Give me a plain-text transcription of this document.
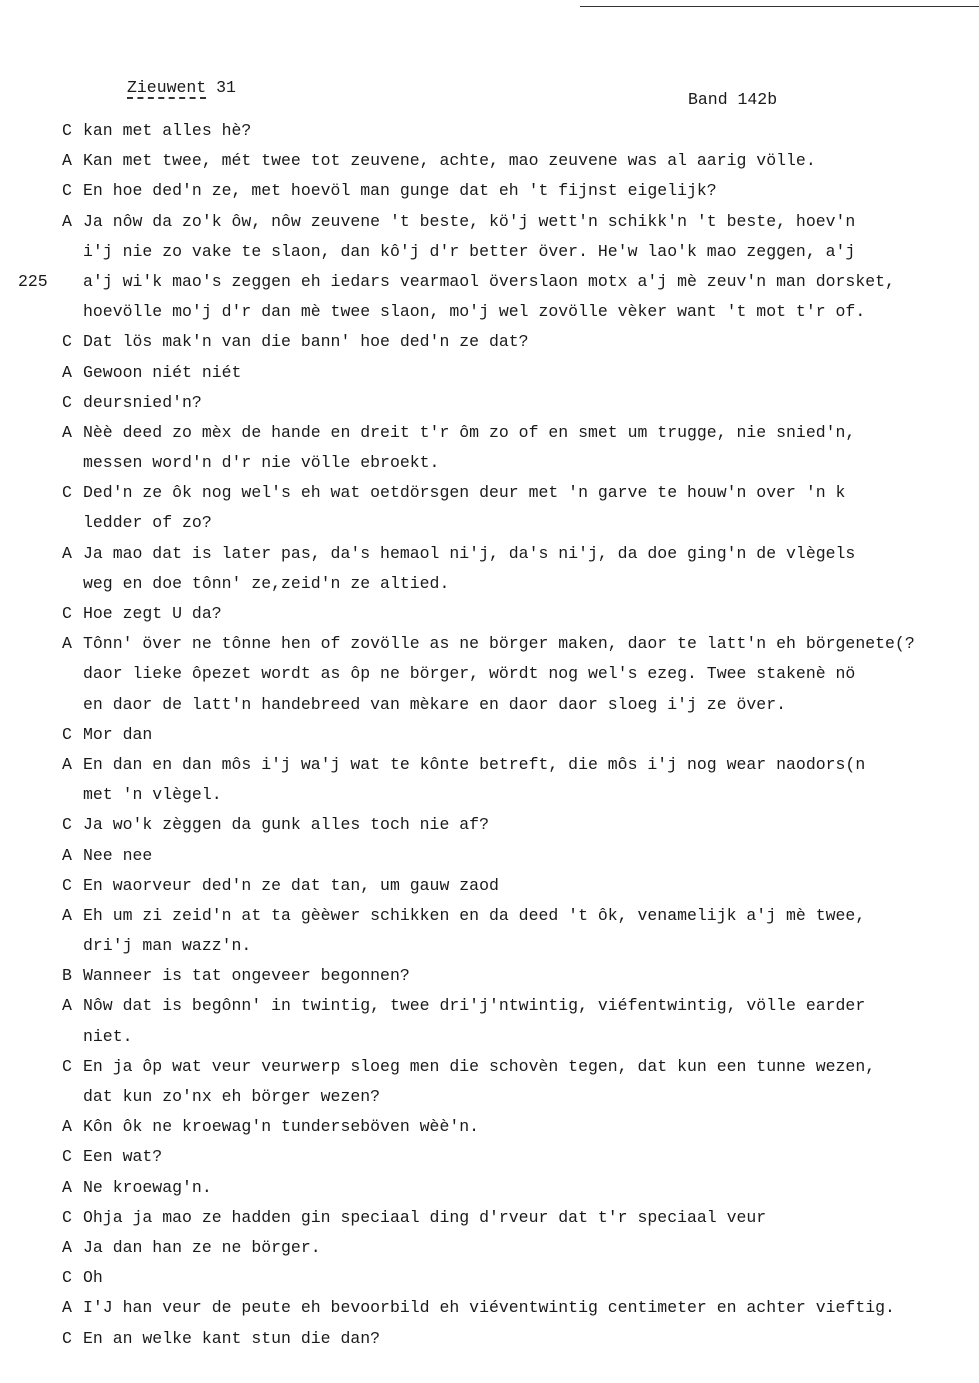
Zieuwent 31
Band 142b
C kan met alles hè?
A Kan met twee, mét twee tot zeuvene, achte, mao zeuvene was al aarig völle.
C En hoe ded'n ze, met hoevöl man gunge dat eh 't fijnst eigelijk?
A Ja nôw da zo'k ôw, nôw zeuvene 't beste, kö'j wett'n schikk'n 't beste, hoev'n
i'j nie zo vake te slaon, dan kô'j d'r better över. He'w lao'k mao zeggen, a'j
225 a'j wi'k mao's zeggen eh iedars vearmaol överslaon motx a'j mè zeuv'n man dorsket,
hoevölle mo'j d'r dan mè twee slaon, mo'j wel zovölle vèker want 't mot t'r of.
C Dat lös mak'n van die bann' hoe ded'n ze dat?
A Gewoon niét niét
C deursnied'n?
A Nèè deed zo mèx de hande en dreit t'r ôm zo of en smet um trugge, nie snied'n,
messen word'n d'r nie völle ebroekt.
C Ded'n ze ôk nog wel's eh wat oetdörsgen deur met 'n garve te houw'n over 'n k
ledder of zo?
A Ja mao dat is later pas, da's hemaol ni'j, da's ni'j, da doe ging'n de vlègels
weg en doe tônn' ze,zeid'n ze altied.
C Hoe zegt U da?
A Tônn' över ne tônne hen of zovölle as ne börger maken, daor te latt'n eh börgenete(?
daor lieke ôpezet wordt as ôp ne börger, wördt nog wel's ezeg. Twee stakenè nö
en daor de latt'n handebreed van mèkare en daor daor sloeg i'j ze över.
C Mor dan
A En dan en dan môs i'j wa'j wat te kônte betreft, die môs i'j nog wear naodors(n
met 'n vlègel.
C Ja wo'k zèggen da gunk alles toch nie af?
A Nee nee
C En waorveur ded'n ze dat tan, um gauw zaod
A Eh um zi zeid'n at ta gèèwer schikken en da deed 't ôk, venamelijk a'j mè twee,
dri'j man wazz'n.
B Wanneer is tat ongeveer begonnen?
A Nôw dat is begônn' in twintig, twee dri'j'ntwintig, viéfentwintig, völle earder
niet.
C En ja ôp wat veur veurwerp sloeg men die schovèn tegen, dat kun een tunne wezen,
dat kun zo'nx eh börger wezen?
A Kôn ôk ne kroewag'n tunderseböven wèè'n.
C Een wat?
A Ne kroewag'n.
C Ohja ja mao ze hadden gin speciaal ding d'rveur dat t'r speciaal veur
A Ja dan han ze ne börger.
C Oh
A I'J han veur de peute eh bevoorbild eh viéventwintig centimeter en achter vieftig.
C En an welke kant stun die dan?
